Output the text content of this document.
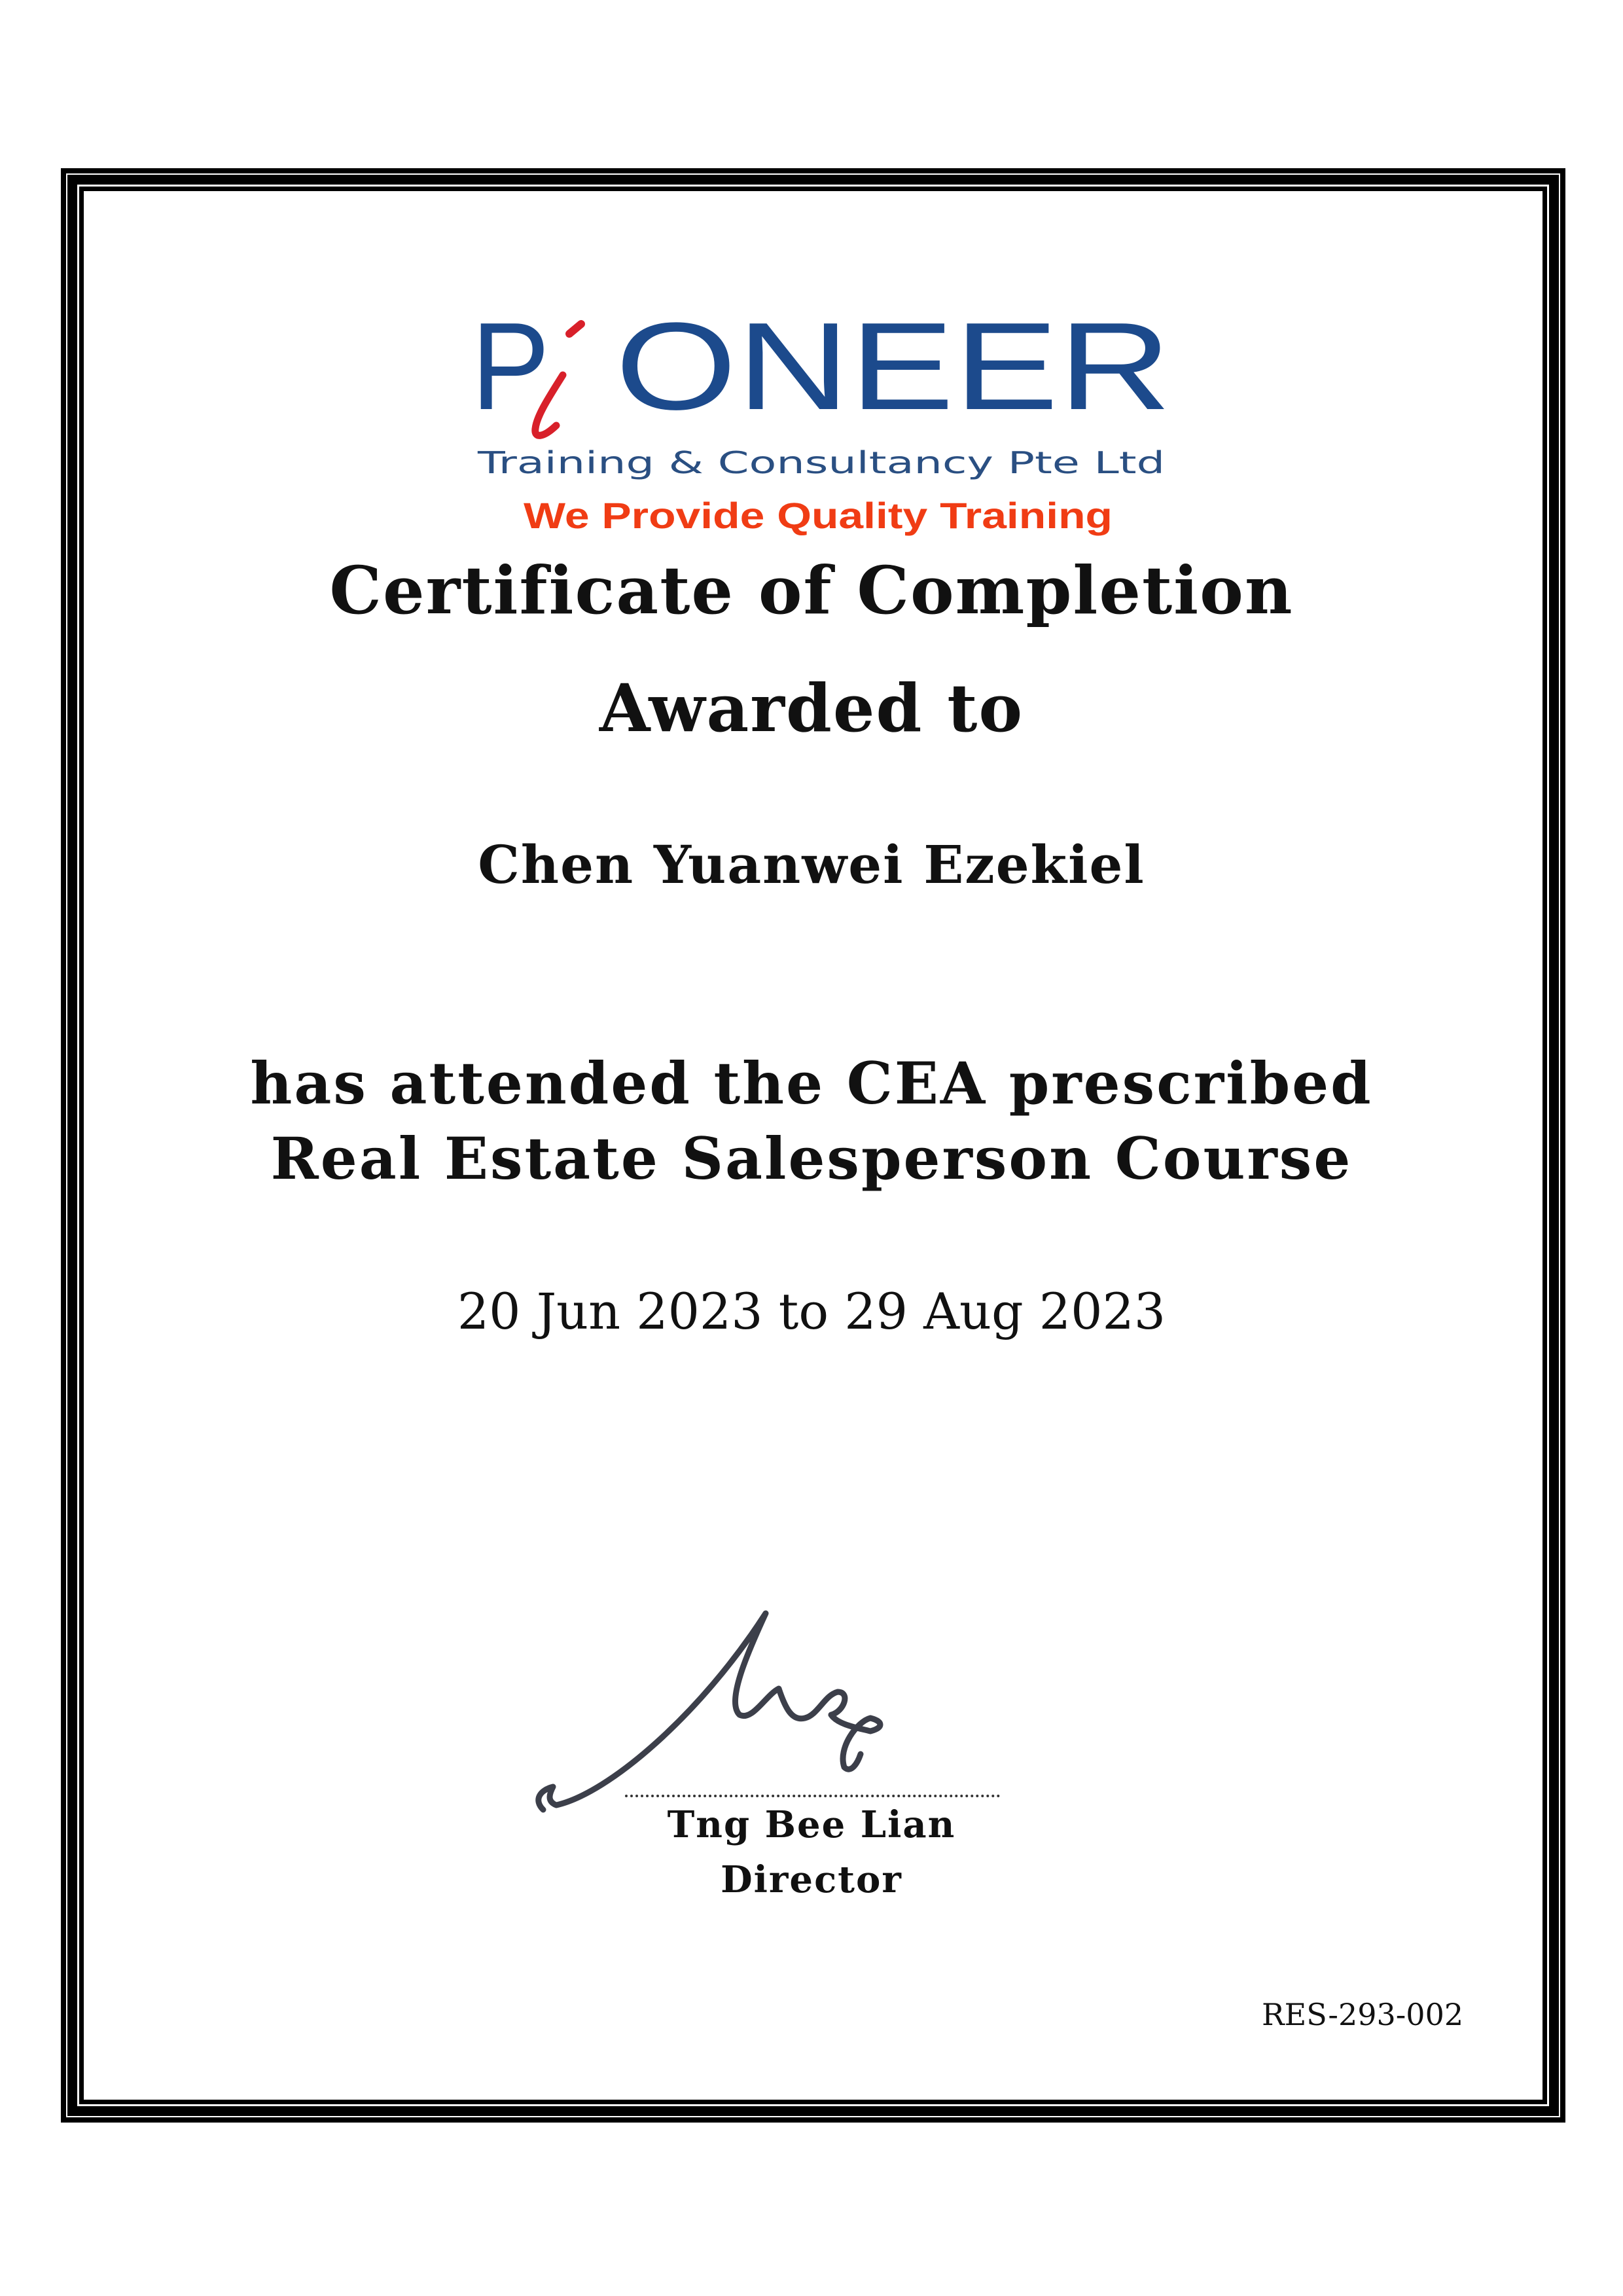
P ONEER
Training & Consultancy Pte Ltd
We Provide Quality Training
Certificate of Completion
Awarded to
Chen Yuanwei Ezekiel
has attended the CEA prescribed
Real Estate Salesperson Course
20 Jun 2023 to 29 Aug 2023
Tng Bee Lian
Director
RES-293-002
